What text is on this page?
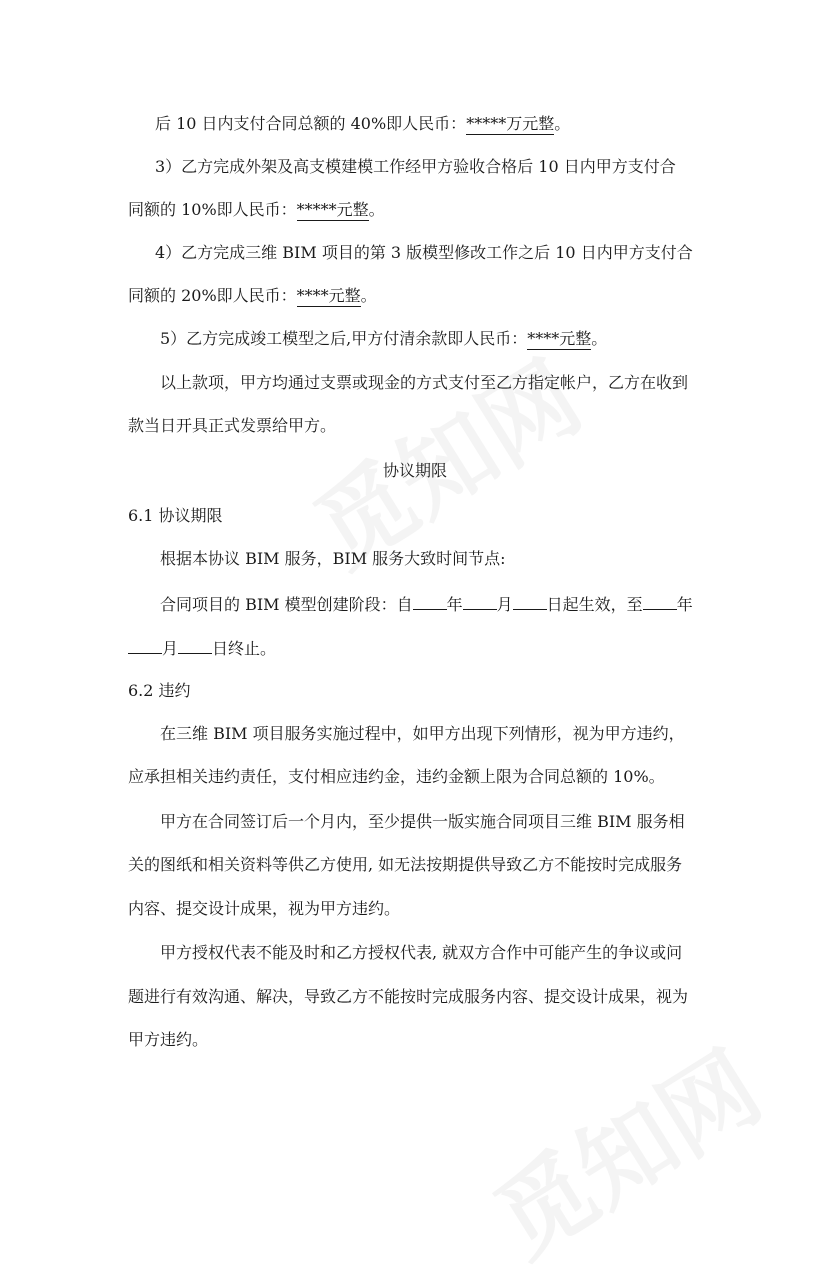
后 10 日内支付合同总额的 40%即人民币：*****万元整。
3）乙方完成外架及高支模建模工作经甲方验收合格后 10 日内甲方支付合
同额的 10%即人民币：*****元整。
4）乙方完成三维 BIM 项目的第 3 版模型修改工作之后 10 日内甲方支付合
同额的 20%即人民币：****元整。
5）乙方完成竣工模型之后,甲方付清余款即人民币：****元整。
以上款项，甲方均通过支票或现金的方式支付至乙方指定帐户，乙方在收到
款当日开具正式发票给甲方。
协议期限
6.1 协议期限
根据本协议 BIM 服务，BIM 服务大致时间节点:
合同项目的 BIM 模型创建阶段：自 年 月 日起生效，至 年
月 日终止。
6.2 违约
在三维 BIM 项目服务实施过程中，如甲方出现下列情形，视为甲方违约，
应承担相关违约责任，支付相应违约金，违约金额上限为合同总额的 10%。
甲方在合同签订后一个月内，至少提供一版实施合同项目三维 BIM 服务相
关的图纸和相关资料等供乙方使用, 如无法按期提供导致乙方不能按时完成服务
内容、提交设计成果，视为甲方违约。
甲方授权代表不能及时和乙方授权代表, 就双方合作中可能产生的争议或问
题进行有效沟通、解决，导致乙方不能按时完成服务内容、提交设计成果，视为
甲方违约。
